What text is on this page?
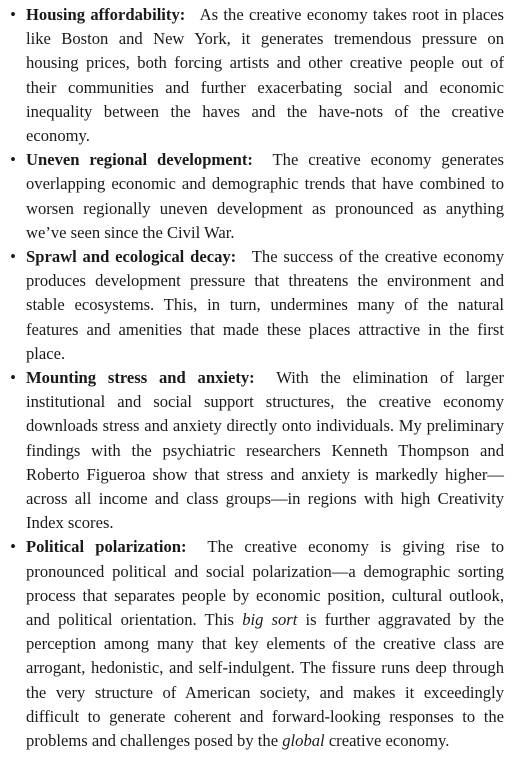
• Housing affordability: As the creative economy takes root in places like Boston and New York, it generates tremendous pressure on housing prices, both forcing artists and other creative people out of their communities and further exacerbating social and economic inequality between the haves and the have-nots of the creative economy.
• Uneven regional development: The creative economy generates overlapping economic and demographic trends that have combined to worsen regionally uneven development as pronounced as anything we’ve seen since the Civil War.
• Sprawl and ecological decay: The success of the creative economy produces development pressure that threatens the environment and stable ecosystems. This, in turn, undermines many of the natural features and amenities that made these places attractive in the first place.
• Mounting stress and anxiety: With the elimination of larger institutional and social support structures, the creative economy downloads stress and anxiety directly onto individuals. My preliminary findings with the psychiatric researchers Kenneth Thompson and Roberto Figueroa show that stress and anxiety is markedly higher—across all income and class groups—in regions with high Creativity Index scores.
• Political polarization: The creative economy is giving rise to pronounced political and social polarization—a demographic sorting process that separates people by economic position, cultural outlook, and political orientation. This big sort is further aggravated by the perception among many that key elements of the creative class are arrogant, hedonistic, and self-indulgent. The fissure runs deep through the very structure of American society, and makes it exceedingly difficult to generate coherent and forward-looking responses to the problems and challenges posed by the global creative economy.
